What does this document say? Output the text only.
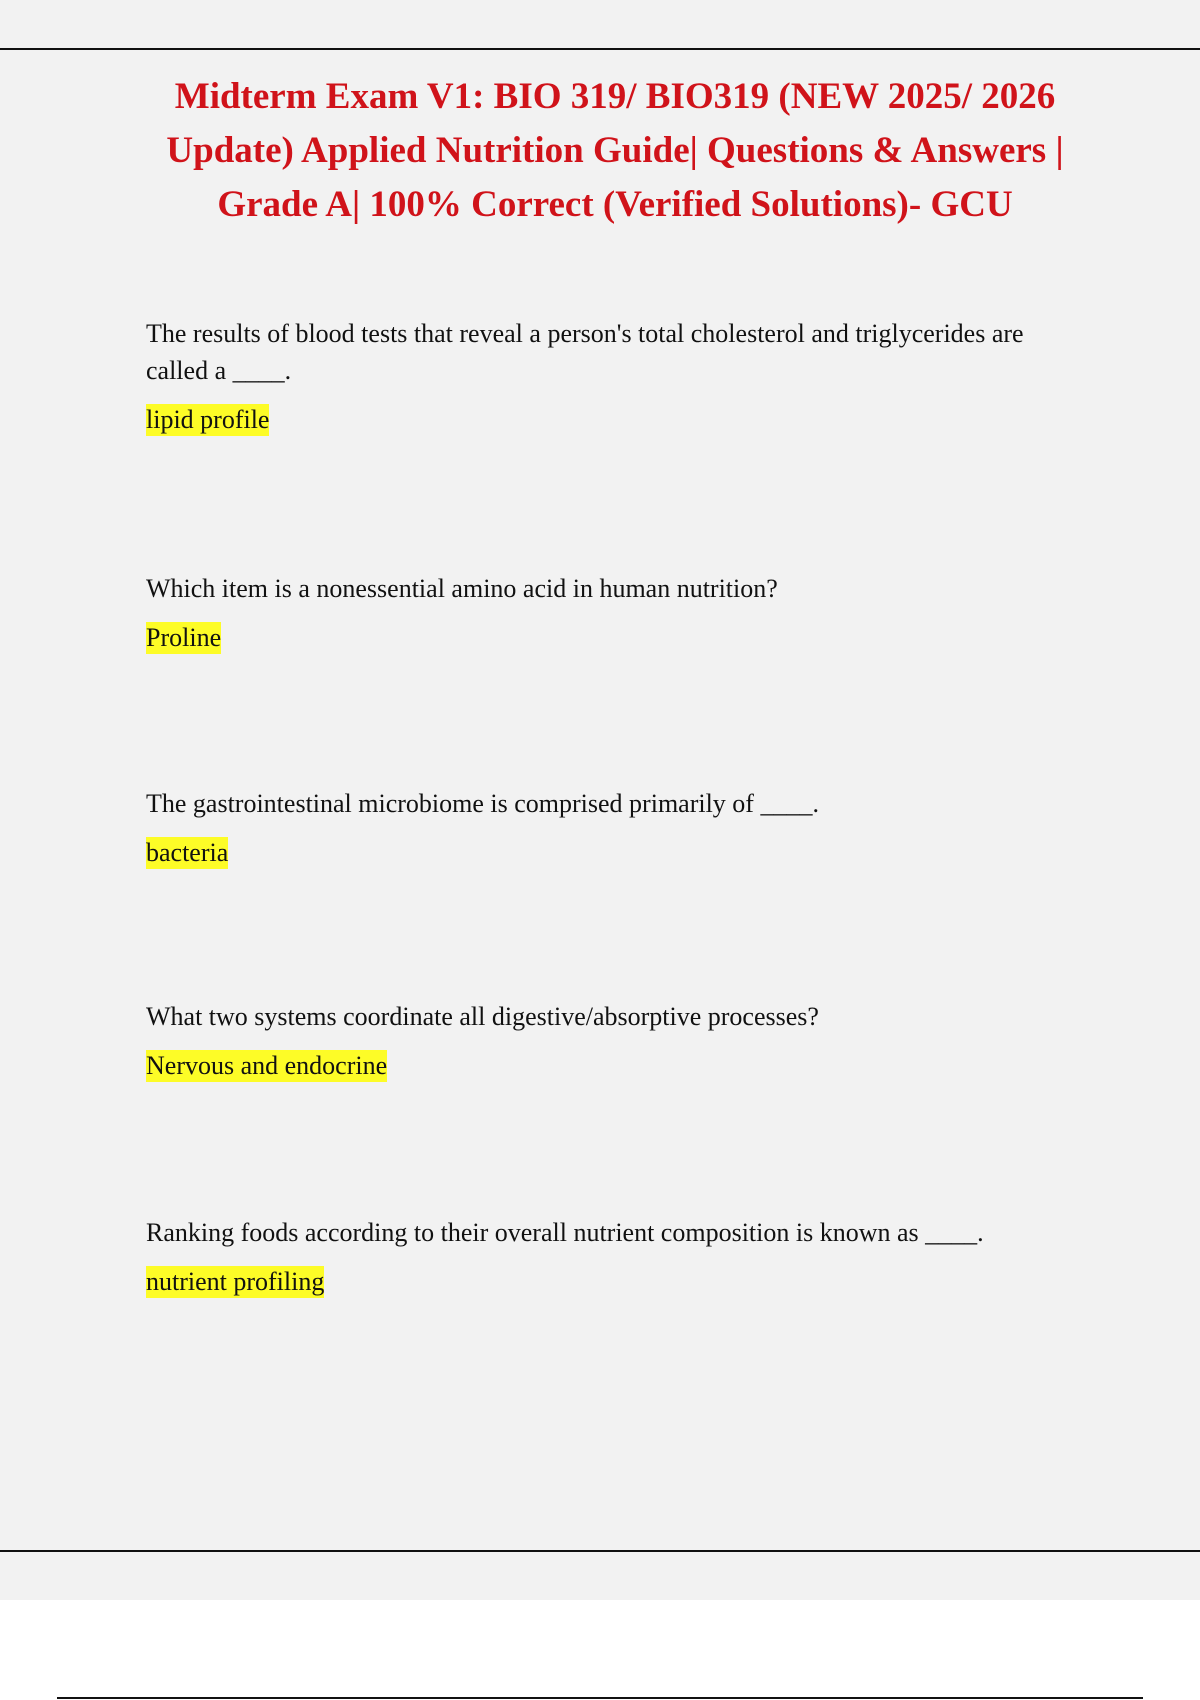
Midterm Exam V1: BIO 319/ BIO319 (NEW 2025/ 2026 Update) Applied Nutrition Guide| Questions & Answers | Grade A| 100% Correct (Verified Solutions)- GCU

The results of blood tests that reveal a person's total cholesterol and triglycerides are called a ____.

lipid profile

Which item is a nonessential amino acid in human nutrition?

Proline

The gastrointestinal microbiome is comprised primarily of ____.

bacteria

What two systems coordinate all digestive/absorptive processes?

Nervous and endocrine

Ranking foods according to their overall nutrient composition is known as ____.

nutrient profiling
